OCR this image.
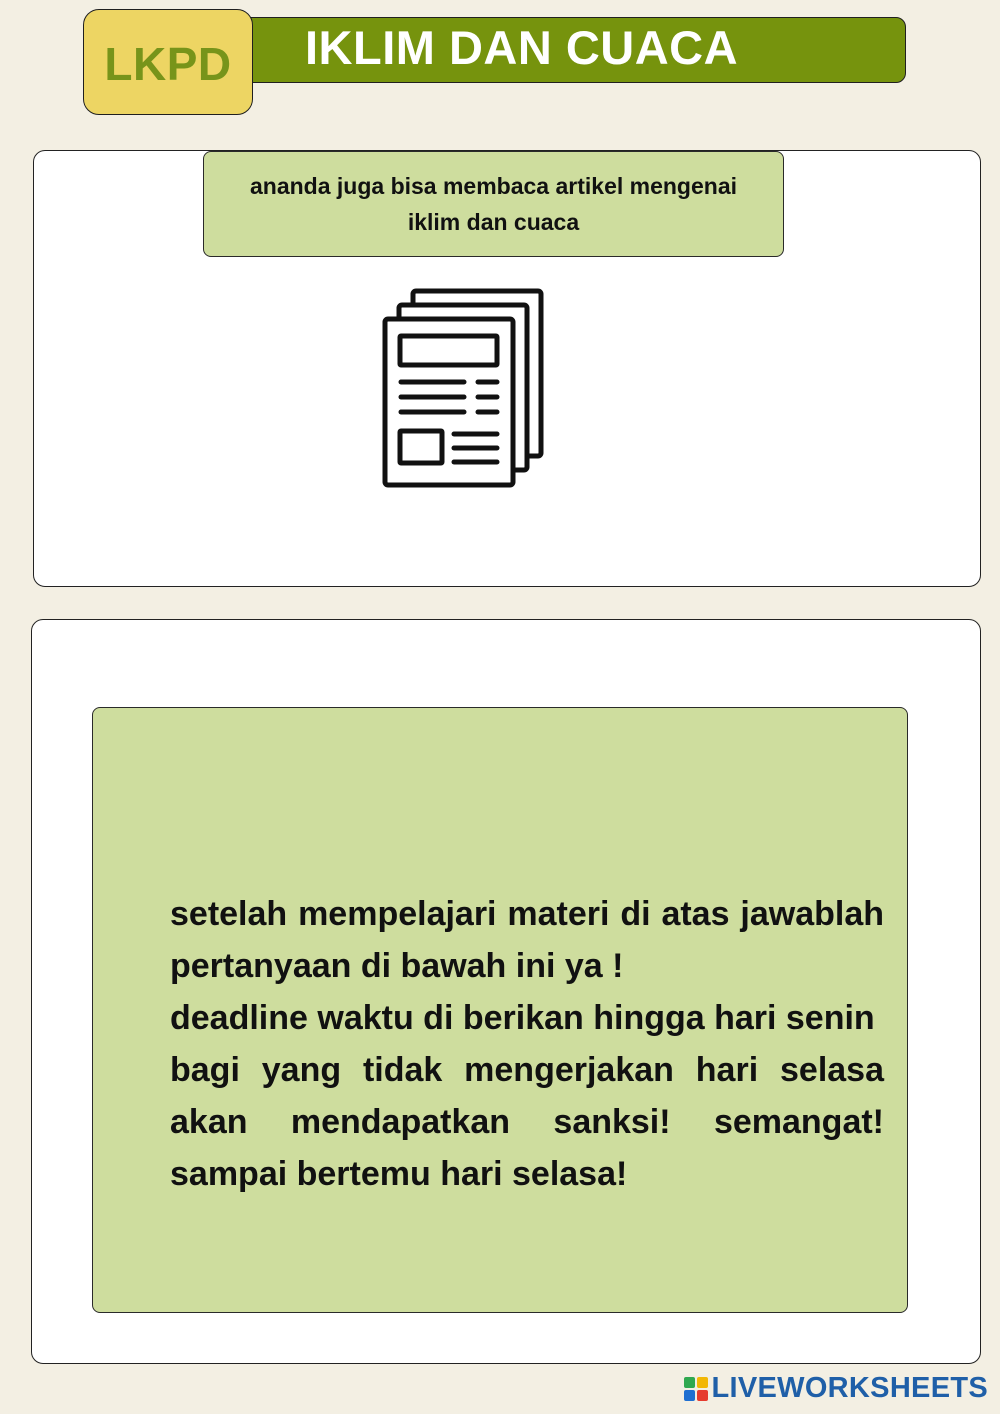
IKLIM DAN CUACA
LKPD
ananda juga bisa membaca artikel mengenai iklim dan cuaca
setelah mempelajari materi di atas jawablah
pertanyaan di bawah ini ya !
deadline waktu di berikan hingga hari senin
bagi yang tidak mengerjakan hari selasa
akan mendapatkan sanksi! semangat!
sampai bertemu hari selasa!
LIVEWORKSHEETS
